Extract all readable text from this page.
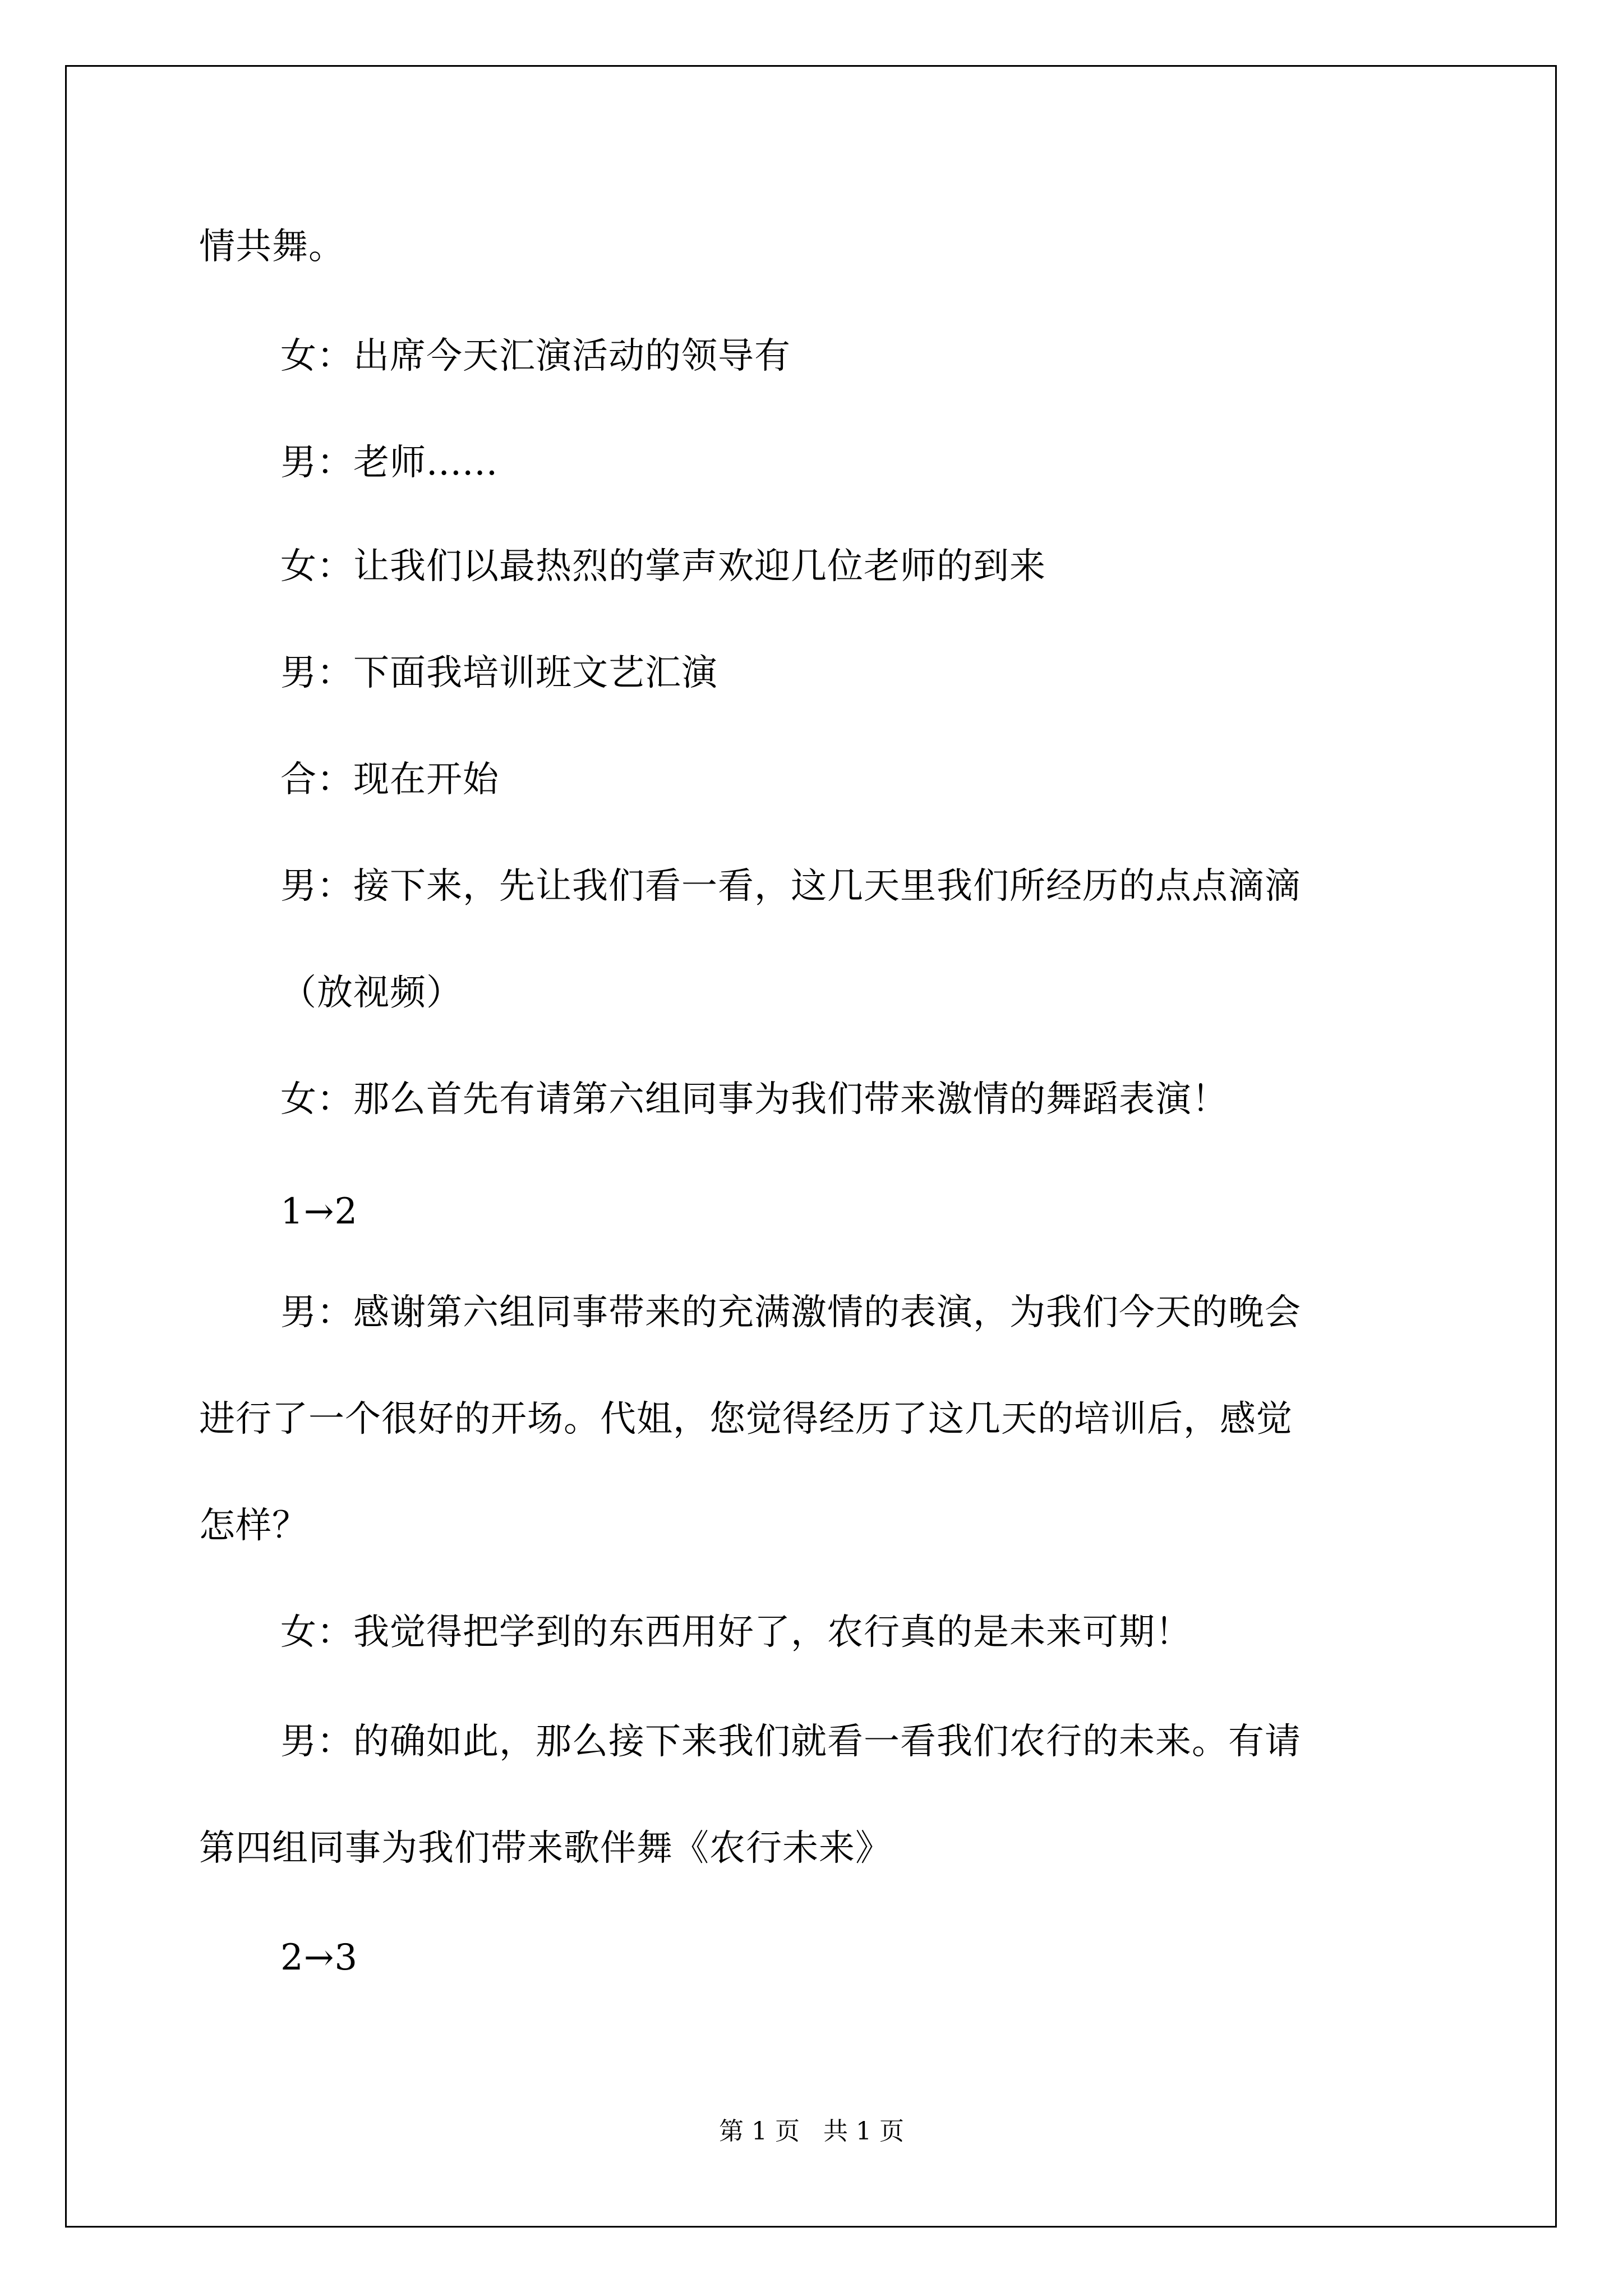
情共舞。
女：出席今天汇演活动的领导有
男：老师......
女：让我们以最热烈的掌声欢迎几位老师的到来
男：下面我培训班文艺汇演
合：现在开始
男：接下来，先让我们看一看，这几天里我们所经历的点点滴滴
（放视频）
女：那么首先有请第六组同事为我们带来激情的舞蹈表演！
1→2
男：感谢第六组同事带来的充满激情的表演，为我们今天的晚会
进行了一个很好的开场。代姐，您觉得经历了这几天的培训后，感觉
怎样？
女：我觉得把学到的东西用好了，农行真的是未来可期！
男：的确如此，那么接下来我们就看一看我们农行的未来。有请
第四组同事为我们带来歌伴舞《农行未来》
2→3
第 1 页   共 1 页
